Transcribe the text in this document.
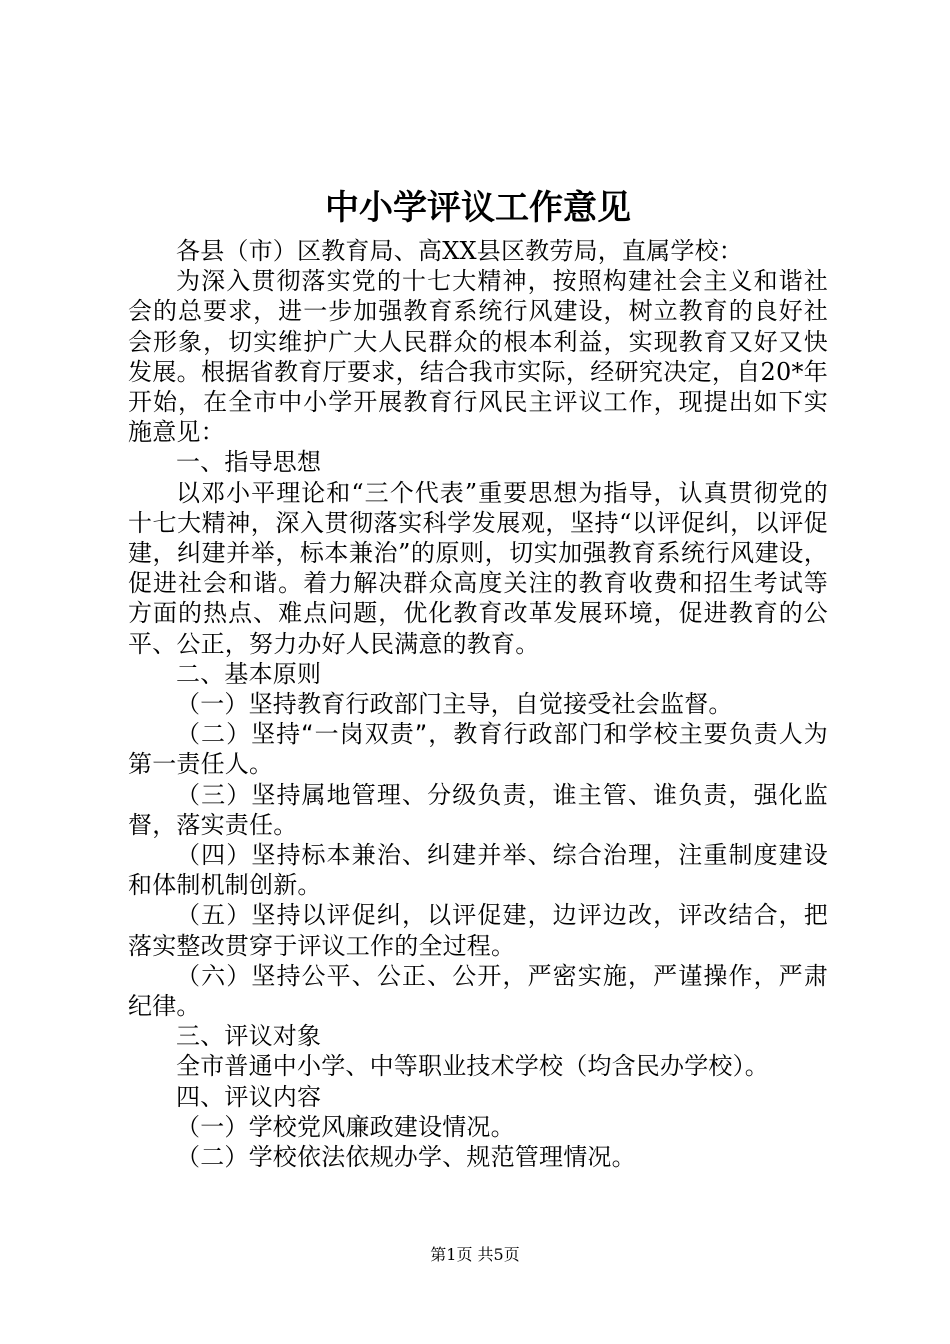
中小学评议工作意见

各县（市）区教育局、高XX县区教劳局，直属学校：

为深入贯彻落实党的十七大精神，按照构建社会主义和谐社会的总要求，进一步加强教育系统行风建设，树立教育的良好社会形象，切实维护广大人民群众的根本利益，实现教育又好又快发展。根据省教育厅要求，结合我市实际，经研究决定，自20*年开始，在全市中小学开展教育行风民主评议工作，现提出如下实施意见：

一、指导思想

以邓小平理论和“三个代表”重要思想为指导，认真贯彻党的十七大精神，深入贯彻落实科学发展观，坚持“以评促纠，以评促建，纠建并举，标本兼治”的原则，切实加强教育系统行风建设，促进社会和谐。着力解决群众高度关注的教育收费和招生考试等方面的热点、难点问题，优化教育改革发展环境，促进教育的公平、公正，努力办好人民满意的教育。

二、基本原则

（一）坚持教育行政部门主导，自觉接受社会监督。

（二）坚持“一岗双责”，教育行政部门和学校主要负责人为第一责任人。

（三）坚持属地管理、分级负责，谁主管、谁负责，强化监督，落实责任。

（四）坚持标本兼治、纠建并举、综合治理，注重制度建设和体制机制创新。

（五）坚持以评促纠，以评促建，边评边改，评改结合，把落实整改贯穿于评议工作的全过程。

（六）坚持公平、公正、公开，严密实施，严谨操作，严肃纪律。

三、评议对象

全市普通中小学、中等职业技术学校（均含民办学校）。

四、评议内容

（一）学校党风廉政建设情况。

（二）学校依法依规办学、规范管理情况。

第1页 共5页
